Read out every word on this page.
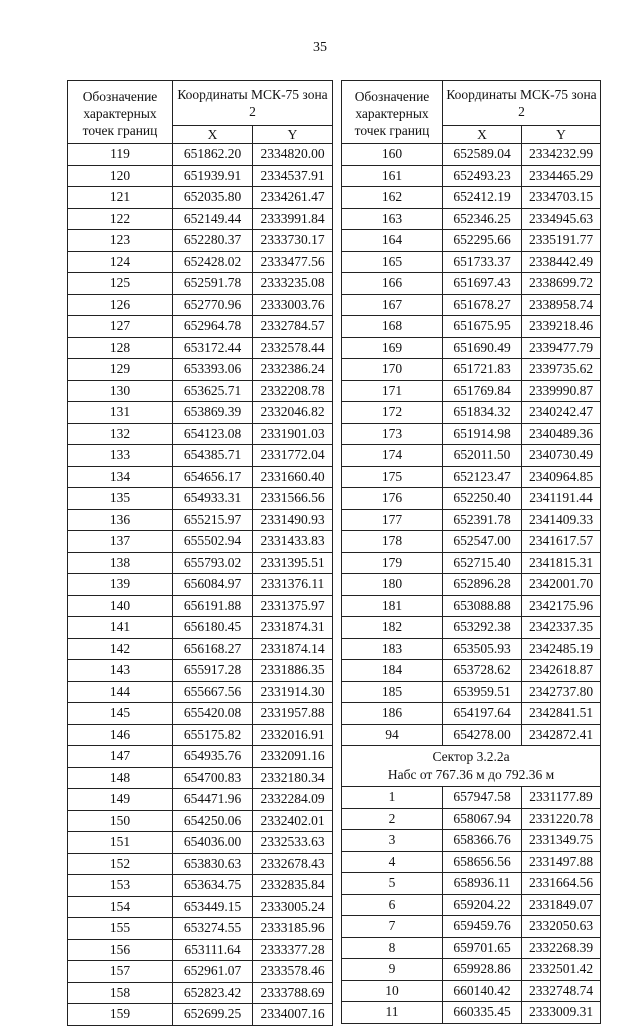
35
Обозначение характерных точек границ	Координаты МСК-75 зона 2	
	X	Y
119	651862.20	2334820.00
120	651939.91	2334537.91
121	652035.80	2334261.47
122	652149.44	2333991.84
123	652280.37	2333730.17
124	652428.02	2333477.56
125	652591.78	2333235.08
126	652770.96	2333003.76
127	652964.78	2332784.57
128	653172.44	2332578.44
129	653393.06	2332386.24
130	653625.71	2332208.78
131	653869.39	2332046.82
132	654123.08	2331901.03
133	654385.71	2331772.04
134	654656.17	2331660.40
135	654933.31	2331566.56
136	655215.97	2331490.93
137	655502.94	2331433.83
138	655793.02	2331395.51
139	656084.97	2331376.11
140	656191.88	2331375.97
141	656180.45	2331874.31
142	656168.27	2331874.14
143	655917.28	2331886.35
144	655667.56	2331914.30
145	655420.08	2331957.88
146	655175.82	2332016.91
147	654935.76	2332091.16
148	654700.83	2332180.34
149	654471.96	2332284.09
150	654250.06	2332402.01
151	654036.00	2332533.63
152	653830.63	2332678.43
153	653634.75	2332835.84
154	653449.15	2333005.24
155	653274.55	2333185.96
156	653111.64	2333377.28
157	652961.07	2333578.46
158	652823.42	2333788.69
159	652699.25	2334007.16
Обозначение характерных точек границ	Координаты МСК-75 зона 2	
	X	Y
160	652589.04	2334232.99
161	652493.23	2334465.29
162	652412.19	2334703.15
163	652346.25	2334945.63
164	652295.66	2335191.77
165	651733.37	2338442.49
166	651697.43	2338699.72
167	651678.27	2338958.74
168	651675.95	2339218.46
169	651690.49	2339477.79
170	651721.83	2339735.62
171	651769.84	2339990.87
172	651834.32	2340242.47
173	651914.98	2340489.36
174	652011.50	2340730.49
175	652123.47	2340964.85
176	652250.40	2341191.44
177	652391.78	2341409.33
178	652547.00	2341617.57
179	652715.40	2341815.31
180	652896.28	2342001.70
181	653088.88	2342175.96
182	653292.38	2342337.35
183	653505.93	2342485.19
184	653728.62	2342618.87
185	653959.51	2342737.80
186	654197.64	2342841.51
94	654278.00	2342872.41

Сектор 3.2.2а
Набс от 767.36 м до 792.36 м		

1	657947.58	2331177.89
2	658067.94	2331220.78
3	658366.76	2331349.75
4	658656.56	2331497.88
5	658936.11	2331664.56
6	659204.22	2331849.07
7	659459.76	2332050.63
8	659701.65	2332268.39
9	659928.86	2332501.42
10	660140.42	2332748.74
11	660335.45	2333009.31
